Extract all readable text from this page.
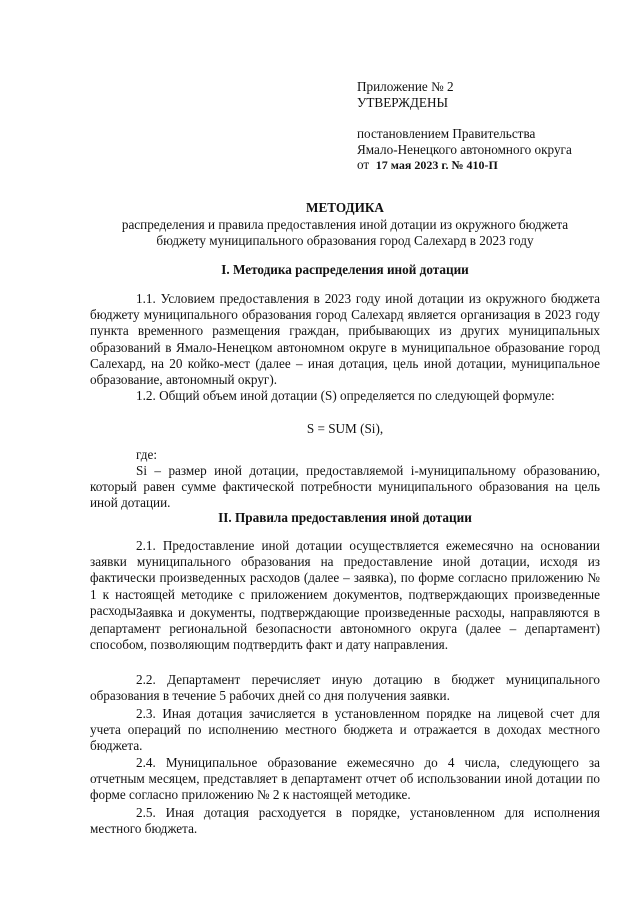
Приложение № 2
УТВЕРЖДЕНЫ
постановлением Правительства
Ямало-Ненецкого автономного округа
от 17 мая 2023 г. № 410-П
МЕТОДИКА
распределения и правила предоставления иной дотации из окружного бюджета
бюджету муниципального образования город Салехард в 2023 году
I. Методика распределения иной дотации
1.1. Условием предоставления в 2023 году иной дотации из окружного бюджета бюджету муниципального образования город Салехард является организация в 2023 году пункта временного размещения граждан, прибывающих из других муниципальных образований в Ямало-Ненецком автономном округе в муниципальное образование город Салехард, на 20 койко-мест (далее – иная дотация, цель иной дотации, муниципальное образование, автономный округ).
1.2. Общий объем иной дотации (S) определяется по следующей формуле:
S = SUM (Si),
где:
Si – размер иной дотации, предоставляемой i-муниципальному образованию, который равен сумме фактической потребности муниципального образования на цель иной дотации.
II. Правила предоставления иной дотации
2.1. Предоставление иной дотации осуществляется ежемесячно на основании заявки муниципального образования на предоставление иной дотации, исходя из фактически произведенных расходов (далее – заявка), по форме согласно приложению № 1 к настоящей методике с приложением документов, подтверждающих произведенные расходы.
Заявка и документы, подтверждающие произведенные расходы, направляются в департамент региональной безопасности автономного округа (далее – департамент) способом, позволяющим подтвердить факт и дату направления.
2.2. Департамент перечисляет иную дотацию в бюджет муниципального образования в течение 5 рабочих дней со дня получения заявки.
2.3. Иная дотация зачисляется в установленном порядке на лицевой счет для учета операций по исполнению местного бюджета и отражается в доходах местного бюджета.
2.4. Муниципальное образование ежемесячно до 4 числа, следующего за отчетным месяцем, представляет в департамент отчет об использовании иной дотации по форме согласно приложению № 2 к настоящей методике.
2.5. Иная дотация расходуется в порядке, установленном для исполнения местного бюджета.
